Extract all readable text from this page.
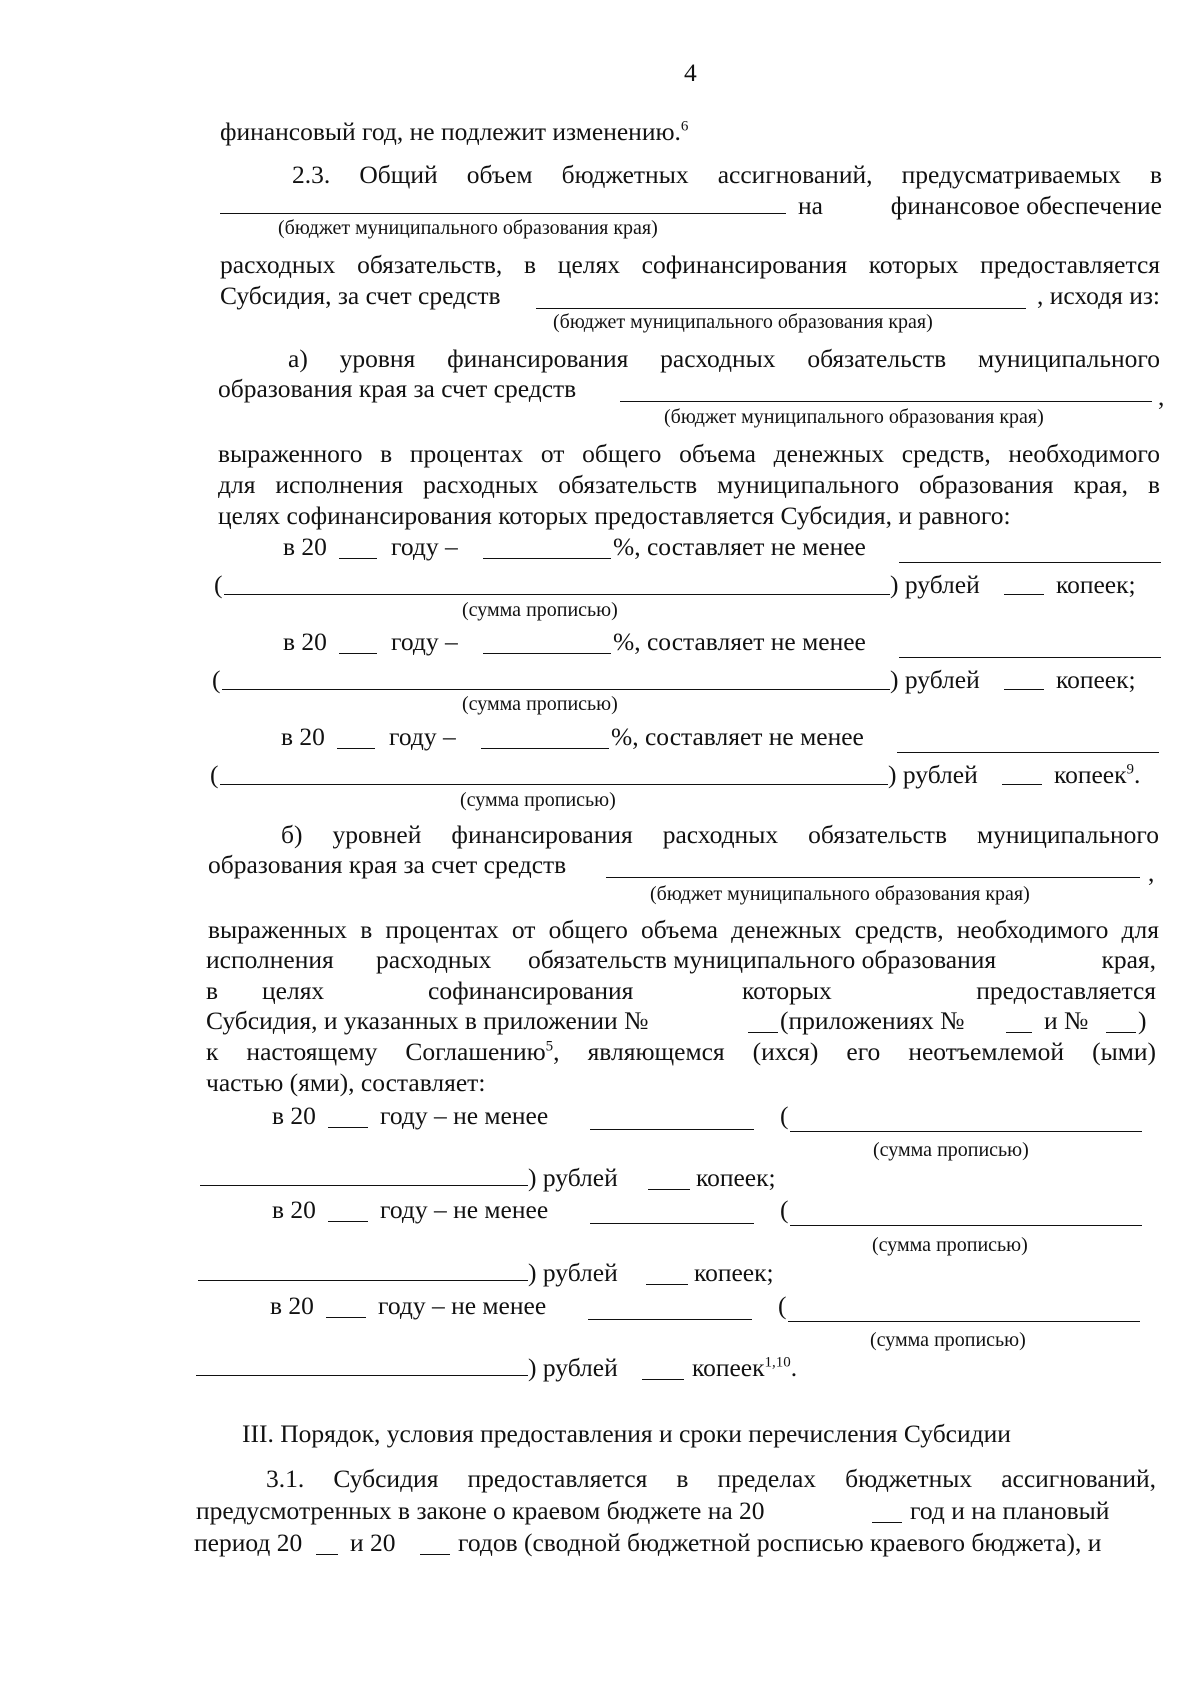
4
финансовый год, не подлежит изменению.$^6$
2.3. Общий объем бюджетных ассигнований, предусматриваемых в
на	финансовое обеспечение
(бюджет муниципального образования края)
расходных обязательств, в целях софинансирования которых предоставляется
Субсидия, за счет средств	, исходя из:
(бюджет муниципального образования края)
а) уровня финансирования расходных обязательств муниципального
образования края за счет средств	,
(бюджет муниципального образования края)
выраженного в процентах от общего объема денежных средств, необходимого
для исполнения расходных обязательств муниципального образования края, в
целях софинансирования которых предоставляется Субсидия, и равного:
в 20	году –	%, составляет не менее
(	) рублей	копеек;
(сумма прописью)
в 20	году –	%, составляет не менее
(	) рублей	копеек;
(сумма прописью)
в 20	году –	%, составляет не менее
(	) рублей	копеек$^9$.
(сумма прописью)
б) уровней финансирования расходных обязательств муниципального
образования края за счет средств	,
(бюджет муниципального образования края)
выраженных в процентах от общего объема денежных средств, необходимого для
исполнения расходных обязательств муниципального образования	края,
в целях	софинансирования	которых	предоставляется
Субсидия, и указанных в приложении №	(приложениях №	и № )
к настоящему Соглашению$^5$, являющемся (ихся) его неотъемлемой (ыми)
частью (ями), составляет:
в 20	году – не менее	(
(сумма прописью)
) рублей	копеек;
в 20	году – не менее	(
(сумма прописью)
) рублей	копеек;
в 20	году – не менее	(
(сумма прописью)
) рублей	копеек$^{1,10}$.
III. Порядок, условия предоставления и сроки перечисления Субсидии
3.1. Субсидия предоставляется в пределах бюджетных ассигнований,
предусмотренных в законе о краевом бюджете на 20	год и на плановый
период 20 и 20 годов (сводной бюджетной росписью краевого бюджета), и
